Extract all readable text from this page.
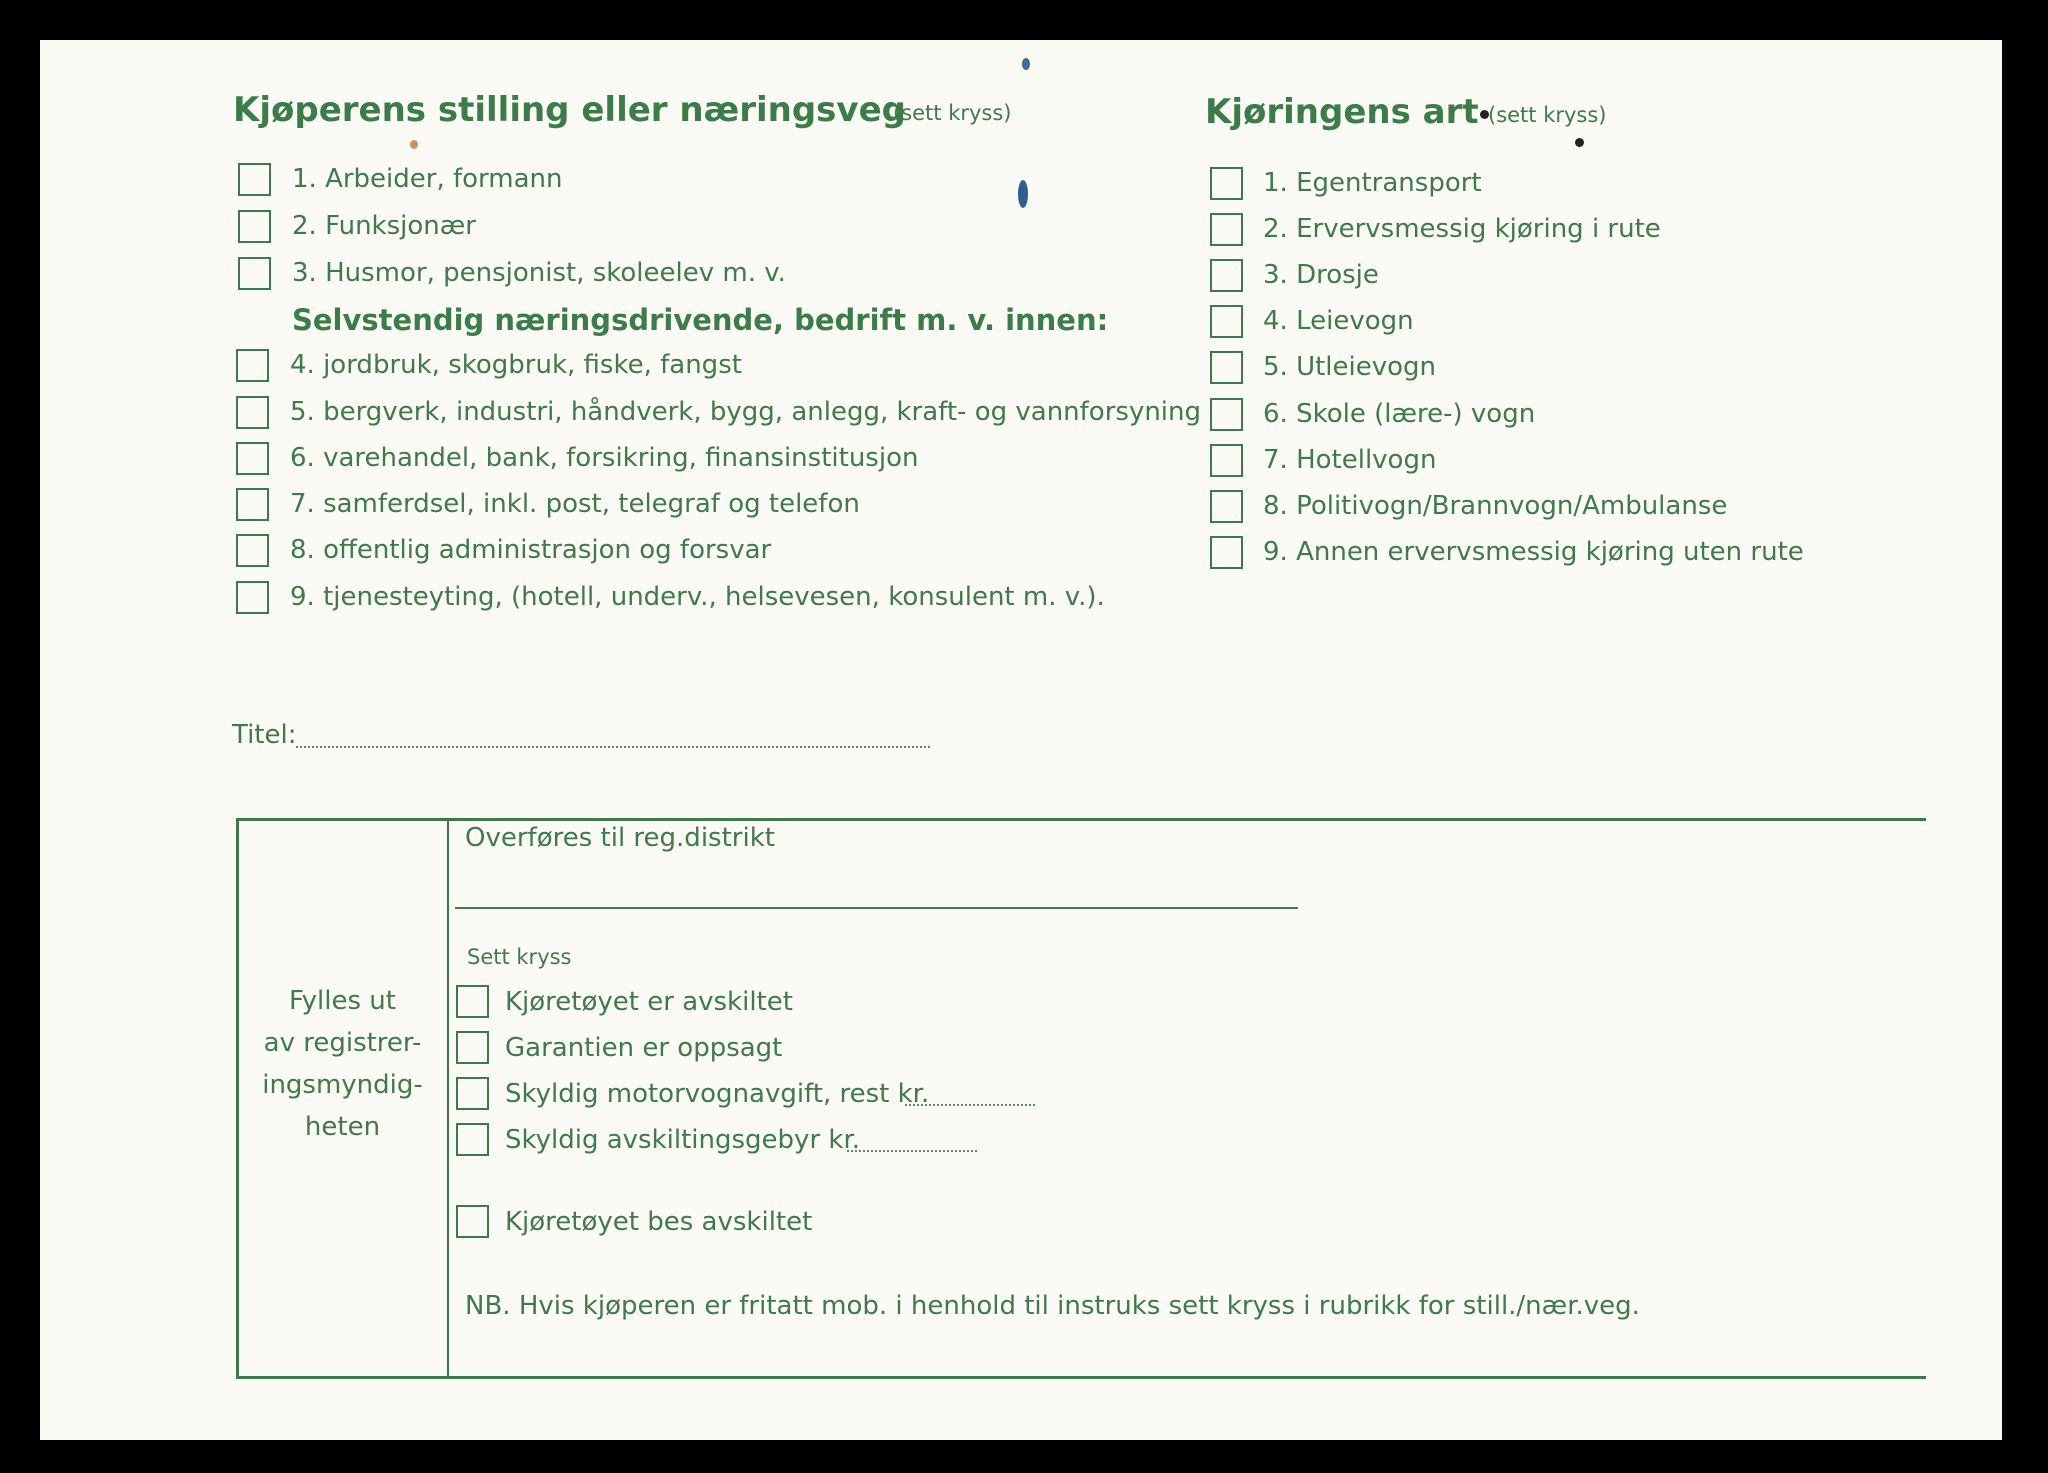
Kjøperens stilling eller næringsveg
(sett kryss)
1. Arbeider, formann
2. Funksjonær
3. Husmor, pensjonist, skoleelev m. v.
Selvstendig næringsdrivende, bedrift m. v. innen:
4. jordbruk, skogbruk, fiske, fangst
5. bergverk, industri, håndverk, bygg, anlegg, kraft- og vannforsyning
6. varehandel, bank, forsikring, finansinstitusjon
7. samferdsel, inkl. post, telegraf og telefon
8. offentlig administrasjon og forsvar
9. tjenesteyting, (hotell, underv., helsevesen, konsulent m. v.).
Titel:
Kjøringens art (sett kryss)
1. Egentransport
2. Ervervsmessig kjøring i rute
3. Drosje
4. Leievogn
5. Utleievogn
6. Skole (lære-) vogn
7. Hotellvogn
8. Politivogn/Brannvogn/Ambulanse
9. Annen ervervsmessig kjøring uten rute
Fylles ut
av registrer-
ingsmyndig-
heten
Overføres til reg.distrikt
Sett kryss
Kjøretøyet er avskiltet
Garantien er oppsagt
Skyldig motorvognavgift, rest kr.
Skyldig avskiltingsgebyr kr.
Kjøretøyet bes avskiltet
NB. Hvis kjøperen er fritatt mob. i henhold til instruks sett kryss i rubrikk for still./nær.veg.
